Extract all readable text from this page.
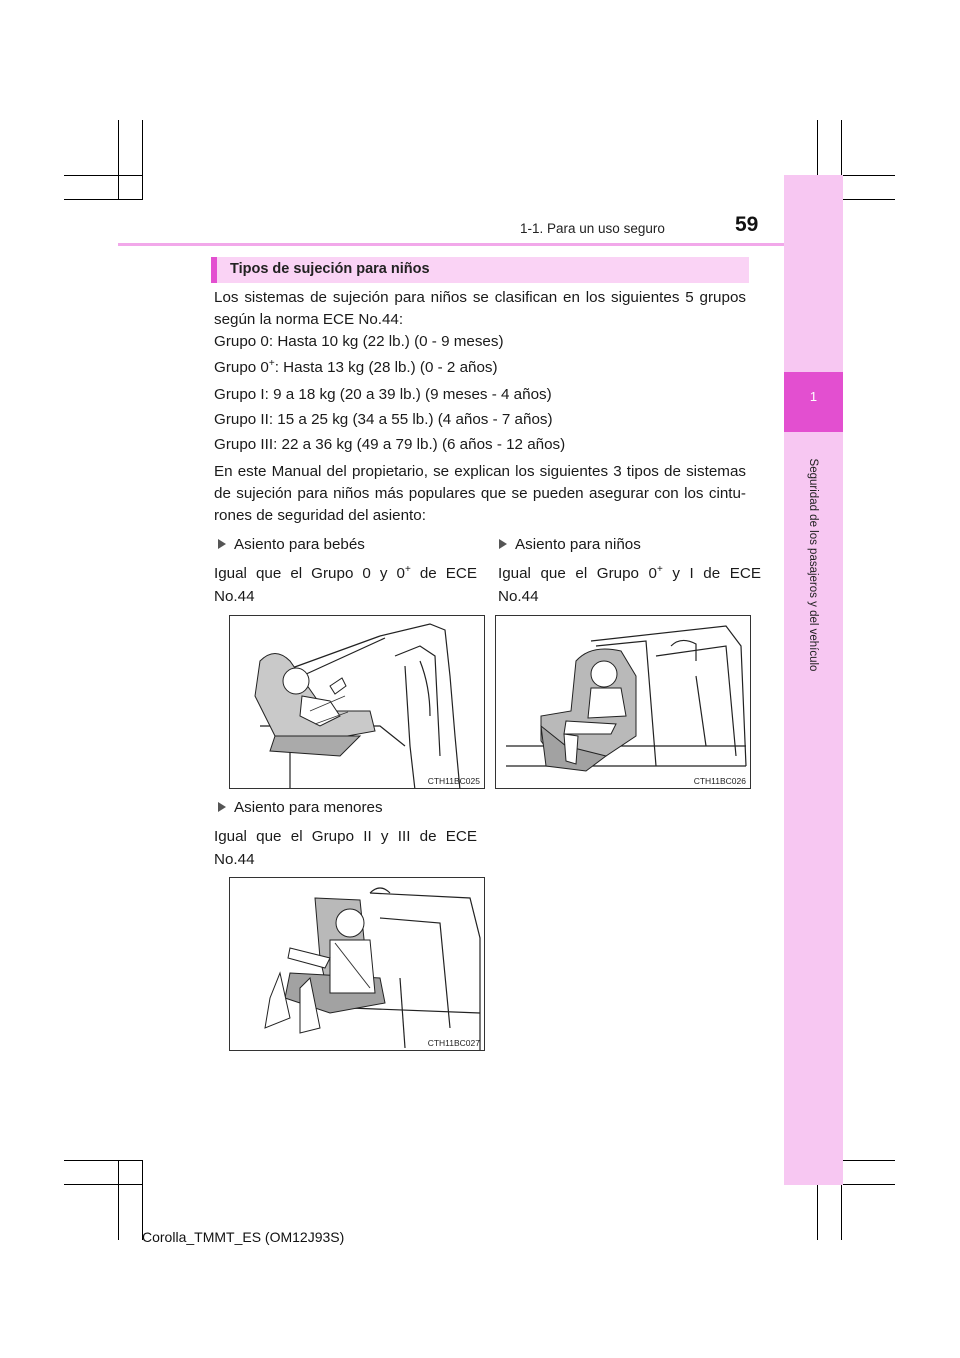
1
Seguridad de los pasajeros y del vehículo
1-1. Para un uso seguro	59
Tipos de sujeción para niños
Los sistemas de sujeción para niños se clasifican en los siguientes 5 grupos según la norma ECE No.44:
Grupo 0: Hasta 10 kg (22 lb.) (0 - 9 meses)
Grupo 0+: Hasta 13 kg (28 lb.) (0 - 2 años)
Grupo I: 9 a 18 kg (20 a 39 lb.) (9 meses - 4 años)
Grupo II: 15 a 25 kg (34 a 55 lb.) (4 años - 7 años)
Grupo III: 22 a 36 kg (49 a 79 lb.) (6 años - 12 años)
En este Manual del propietario, se explican los siguientes 3 tipos de sistemas de sujeción para niños más populares que se pueden asegurar con los cintu-rones de seguridad del asiento:
Asiento para bebés
Igual que el Grupo 0 y 0+ de ECE No.44
Asiento para niños
Igual que el Grupo 0+ y I de ECE No.44
CTH11BC025	CTH11BC026
Asiento para menores
Igual que el Grupo II y III de ECE No.44
CTH11BC027
Corolla_TMMT_ES (OM12J93S)
